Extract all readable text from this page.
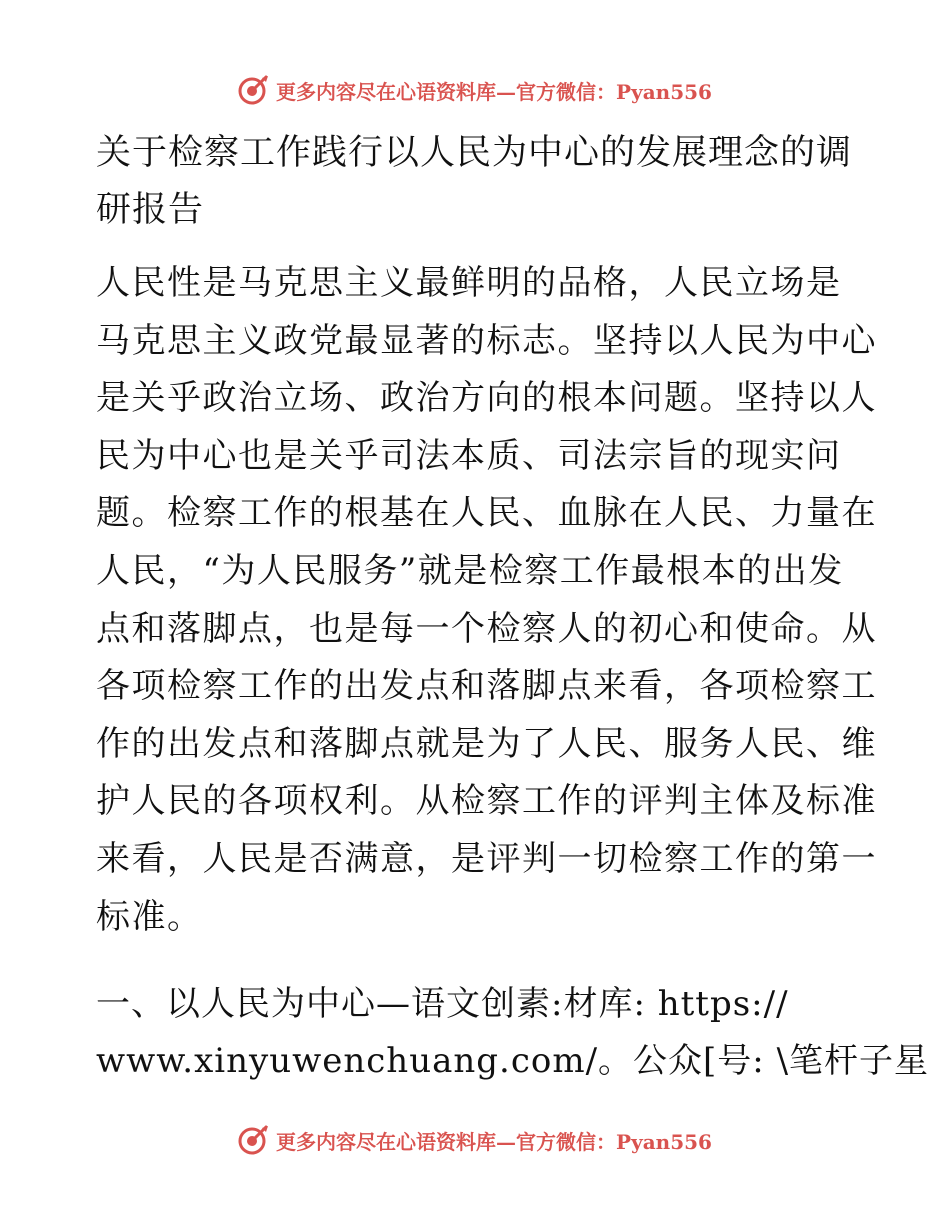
更多内容尽在心语资料库—官方微信：Pyan556
关于检察工作践行以人民为中心的发展理念的调
研报告
人民性是马克思主义最鲜明的品格，人民立场是
马克思主义政党最显著的标志。坚持以人民为中心
是关乎政治立场、政治方向的根本问题。坚持以人
民为中心也是关乎司法本质、司法宗旨的现实问
题。检察工作的根基在人民、血脉在人民、力量在
人民，“为人民服务”就是检察工作最根本的出发
点和落脚点，也是每一个检察人的初心和使命。从
各项检察工作的出发点和落脚点来看，各项检察工
作的出发点和落脚点就是为了人民、服务人民、维
护人民的各项权利。从检察工作的评判主体及标准
来看，人民是否满意，是评判一切检察工作的第一
标准。
一、以人民为中心—语文创素:材库: https://
www.xinyuwenchuang.com/。公众[号: \笔杆子星
更多内容尽在心语资料库—官方微信：Pyan556
